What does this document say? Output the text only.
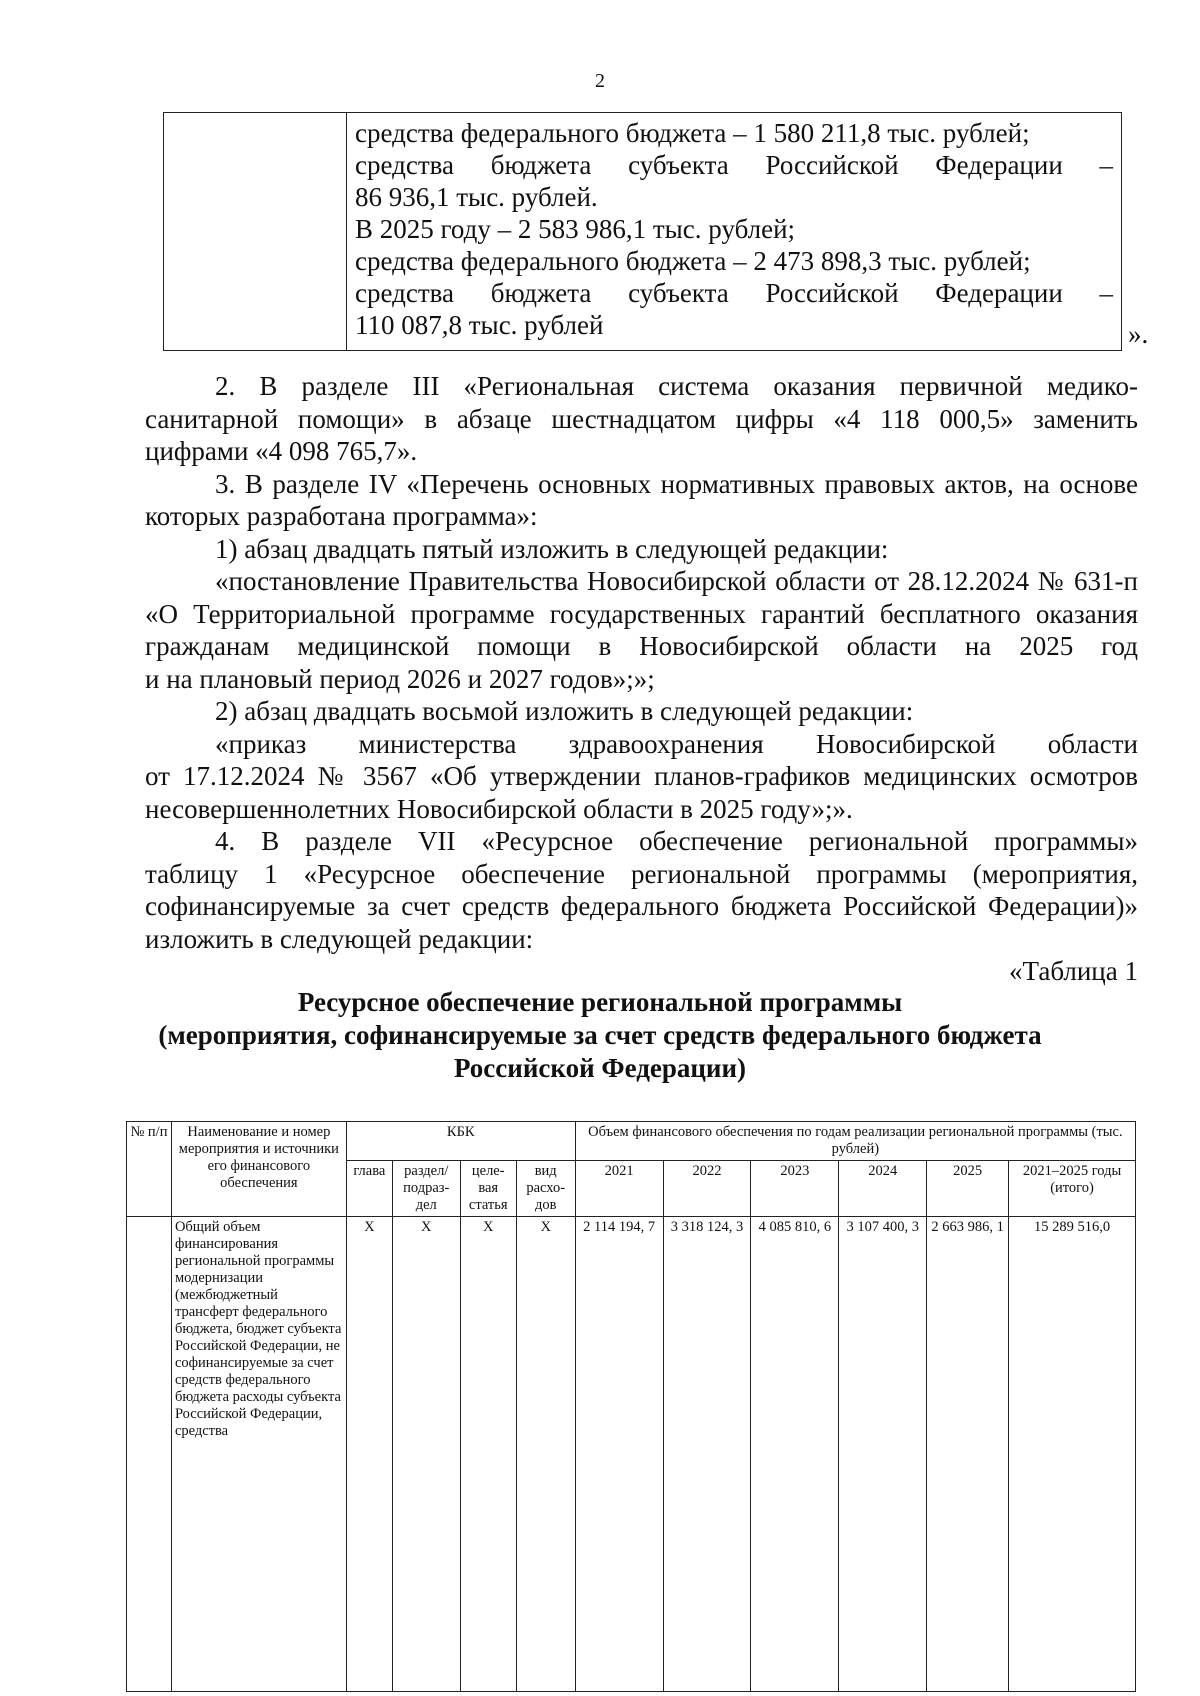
2

средства федерального бюджета – 1 580 211,8 тыс. рублей;
средства бюджета субъекта Российской Федерации –
86 936,1 тыс. рублей.
В 2025 году – 2 583 986,1 тыс. рублей;
средства федерального бюджета – 2 473 898,3 тыс. рублей;
средства бюджета субъекта Российской Федерации –
110 087,8 тыс. рублей	».
2. В разделе III «Региональная система оказания первичной медико-
санитарной помощи» в абзаце шестнадцатом цифры «4 118 000,5» заменить
цифрами «4 098 765,7».
3. В разделе IV «Перечень основных нормативных правовых актов, на основе
которых разработана программа»:
1) абзац двадцать пятый изложить в следующей редакции:
«постановление Правительства Новосибирской области от 28.12.2024 № 631-п
«О Территориальной программе государственных гарантий бесплатного оказания
гражданам медицинской помощи в Новосибирской области на 2025 год
и на плановый период 2026 и 2027 годов»;»;
2) абзац двадцать восьмой изложить в следующей редакции:
«приказ министерства здравоохранения Новосибирской области
от 17.12.2024 № 3567 «Об утверждении планов-графиков медицинских осмотров
несовершеннолетних Новосибирской области в 2025 году»;».
4. В разделе VII «Ресурсное обеспечение региональной программы»
таблицу 1 «Ресурсное обеспечение региональной программы (мероприятия,
софинансируемые за счет средств федерального бюджета Российской Федерации)»
изложить в следующей редакции:
«Таблица 1
Ресурсное обеспечение региональной программы
(мероприятия, софинансируемые за счет средств федерального бюджета
Российской Федерации)
№ п/п	Наименование и номер мероприятия и источники его финансового обеспечения	КБК				Объем финансового обеспечения по годам реализации региональной программы (тыс. рублей)					
		глава	раздел/ подраз- дел	целе- вая статья	вид расхо- дов	2021	2022	2023	2024	2025	2021–2025 годы (итого)
	Общий объем финансирования региональной программы модернизации (межбюджетный трансферт федерального бюджета, бюджет субъекта Российской Федерации, не софинансируемые за счет средств федерального бюджета расходы субъекта Российской Федерации, средства	X	X	X	X	2 114 194, 7	3 318 124, 3	4 085 810, 6	3 107 400, 3	2 663 986, 1	15 289 516,0
